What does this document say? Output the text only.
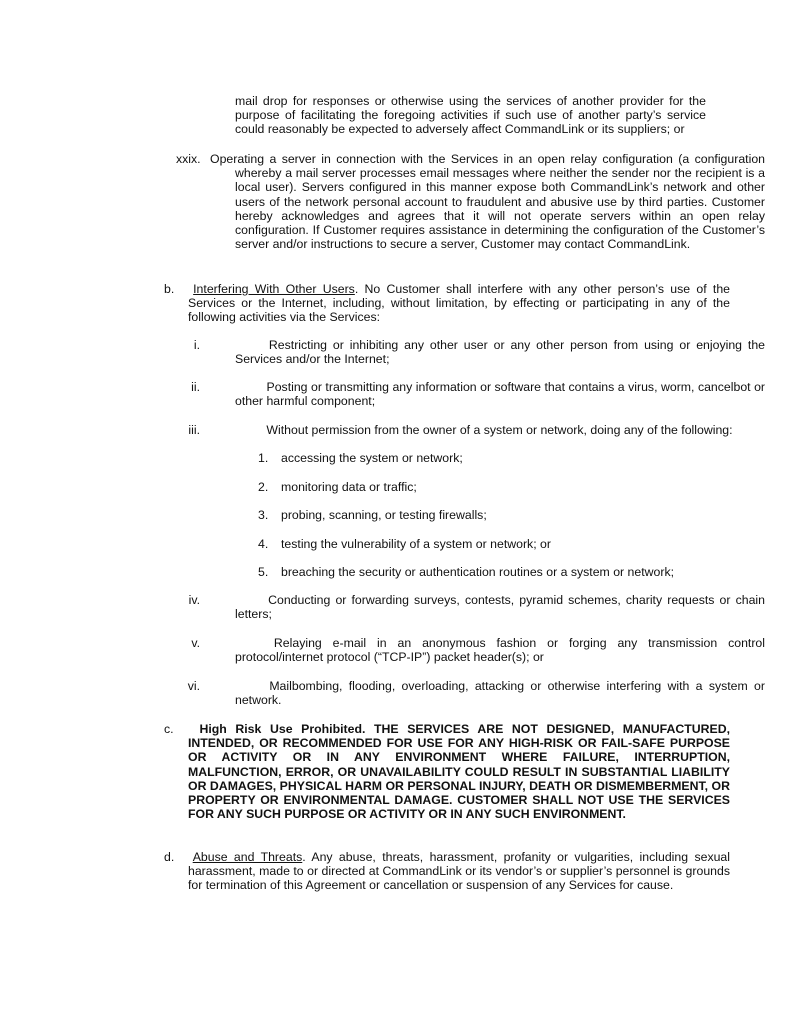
mail drop for responses or otherwise using the services of another provider for the purpose of facilitating the foregoing activities if such use of another party’s service could reasonably be expected to adversely affect CommandLink or its suppliers; or

xxix. Operating a server in connection with the Services in an open relay configuration (a configuration whereby a mail server processes email messages where neither the sender nor the recipient is a local user). Servers configured in this manner expose both CommandLink’s network and other users of the network personal account to fraudulent and abusive use by third parties. Customer hereby acknowledges and agrees that it will not operate servers within an open relay configuration. If Customer requires assistance in determining the configuration of the Customer’s server and/or instructions to secure a server, Customer may contact CommandLink.
b. Interfering With Other Users. No Customer shall interfere with any other person’s use of the Services or the Internet, including, without limitation, by effecting or participating in any of the following activities via the Services:
i.	Restricting or inhibiting any other user or any other person from using or enjoying the Services and/or the Internet;
ii.	Posting or transmitting any information or software that contains a virus, worm, cancelbot or other harmful component;
iii.	Without permission from the owner of a system or network, doing any of the following:
1. accessing the system or network;
2. monitoring data or traffic;
3. probing, scanning, or testing firewalls;
4. testing the vulnerability of a system or network; or
5. breaching the security or authentication routines or a system or network;
iv.	Conducting or forwarding surveys, contests, pyramid schemes, charity requests or chain letters;
v.	Relaying e-mail in an anonymous fashion or forging any transmission control protocol/internet protocol (“TCP-IP”) packet header(s); or
vi.	Mailbombing, flooding, overloading, attacking or otherwise interfering with a system or network.
c. High Risk Use Prohibited. THE SERVICES ARE NOT DESIGNED, MANUFACTURED, INTENDED, OR RECOMMENDED FOR USE FOR ANY HIGH-RISK OR FAIL-SAFE PURPOSE OR ACTIVITY OR IN ANY ENVIRONMENT WHERE FAILURE, INTERRUPTION, MALFUNCTION, ERROR, OR UNAVAILABILITY COULD RESULT IN SUBSTANTIAL LIABILITY OR DAMAGES, PHYSICAL HARM OR PERSONAL INJURY, DEATH OR DISMEMBERMENT, OR PROPERTY OR ENVIRONMENTAL DAMAGE. CUSTOMER SHALL NOT USE THE SERVICES FOR ANY SUCH PURPOSE OR ACTIVITY OR IN ANY SUCH ENVIRONMENT.
d. Abuse and Threats. Any abuse, threats, harassment, profanity or vulgarities, including sexual harassment, made to or directed at CommandLink or its vendor’s or supplier’s personnel is grounds for termination of this Agreement or cancellation or suspension of any Services for cause.
